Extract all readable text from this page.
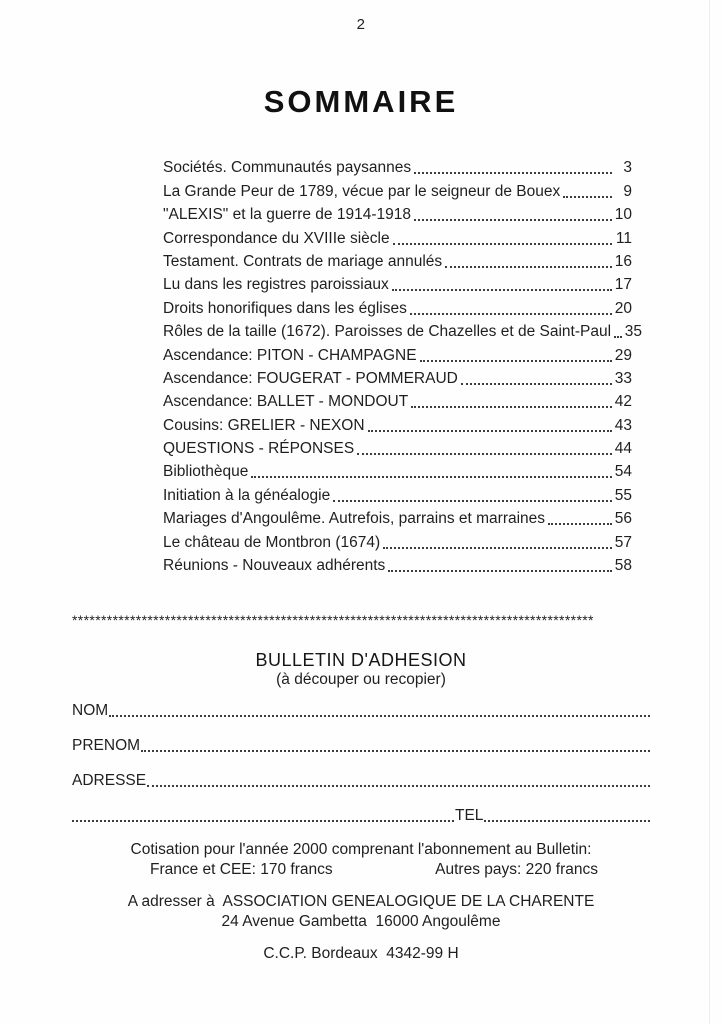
2
SOMMAIRE
Sociétés. Communautés paysannes	3
La Grande Peur de 1789, vécue par le seigneur de Bouex	9
"ALEXIS" et la guerre de 1914-1918	10
Correspondance du XVIIIe siècle	11
Testament. Contrats de mariage annulés	16
Lu dans les registres paroissiaux	17
Droits honorifiques dans les églises	20
Rôles de la taille (1672). Paroisses de Chazelles et de Saint-Paul 35
Ascendance: PITON - CHAMPAGNE	29
Ascendance: FOUGERAT - POMMERAUD	33
Ascendance: BALLET - MONDOUT	42
Cousins: GRELIER - NEXON	43
QUESTIONS - RÉPONSES	44
Bibliothèque	54
Initiation à la généalogie	55
Mariages d'Angoulême. Autrefois, parrains et marraines	56
Le château de Montbron (1674)	57
Réunions - Nouveaux adhérents	58
******************************************************************************************
BULLETIN D'ADHESION
(à découper ou recopier)
NOM
PRENOM
ADRESSE
TEL
Cotisation pour l'année 2000 comprenant l'abonnement au Bulletin:
France et CEE: 170 francs	Autres pays: 220 francs
A adresser à  ASSOCIATION GENEALOGIQUE DE LA CHARENTE
24 Avenue Gambetta  16000 Angoulême
C.C.P. Bordeaux  4342-99 H
